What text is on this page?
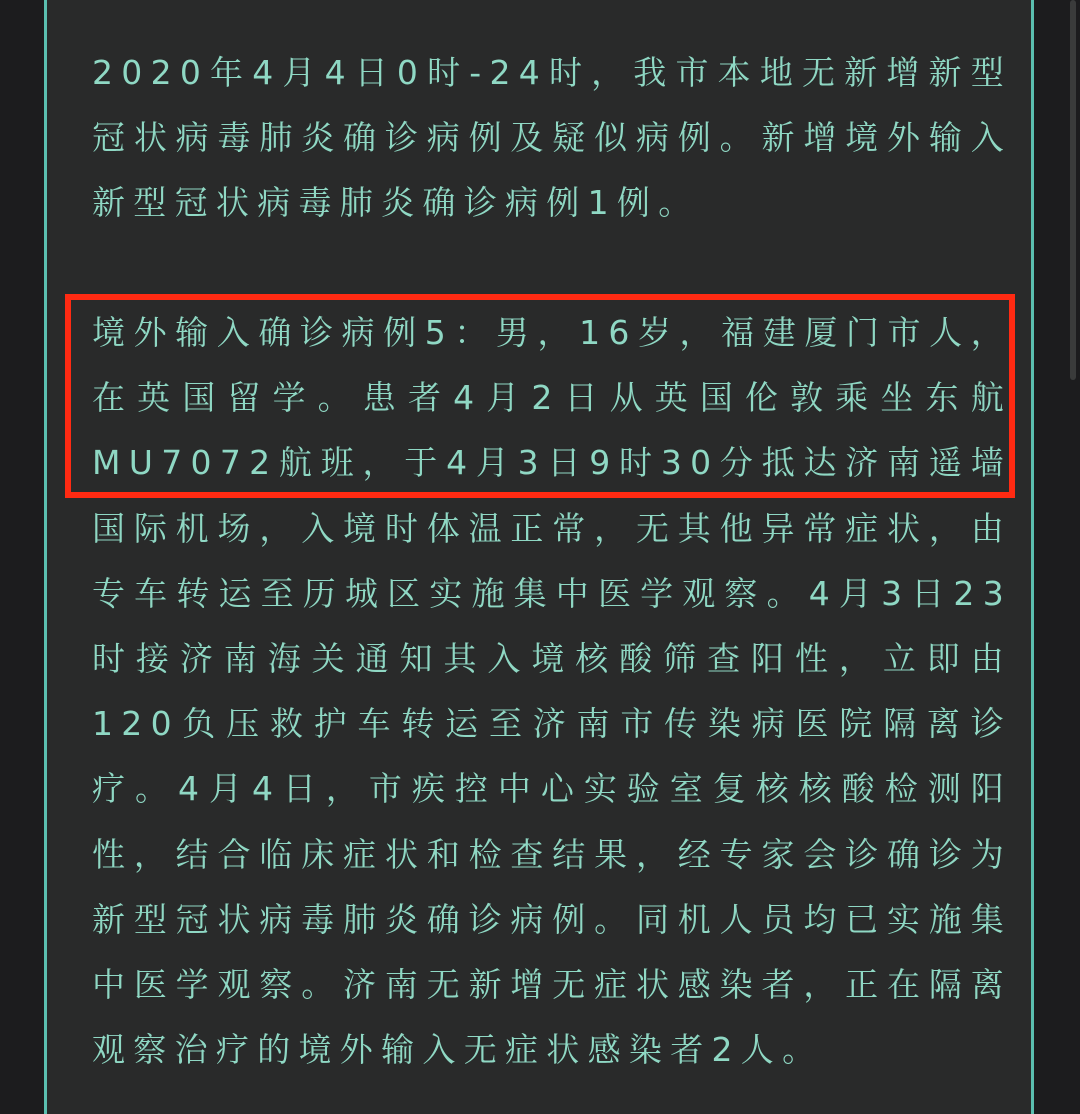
2020年4月4日0时-24时，我市本地无新增新型冠状病毒肺炎确诊病例及疑似病例。新增境外输入新型冠状病毒肺炎确诊病例1例。

境外输入确诊病例5：男，16岁，福建厦门市人，在英国留学。患者4月2日从英国伦敦乘坐东航MU7072航班，于4月3日9时30分抵达济南遥墙国际机场，入境时体温正常，无其他异常症状，由专车转运至历城区实施集中医学观察。4月3日23时接济南海关通知其入境核酸筛查阳性，立即由120负压救护车转运至济南市传染病医院隔离诊疗。4月4日，市疾控中心实验室复核核酸检测阳性，结合临床症状和检查结果，经专家会诊确诊为新型冠状病毒肺炎确诊病例。同机人员均已实施集中医学观察。济南无新增无症状感染者，正在隔离观察治疗的境外输入无症状感染者2人。
